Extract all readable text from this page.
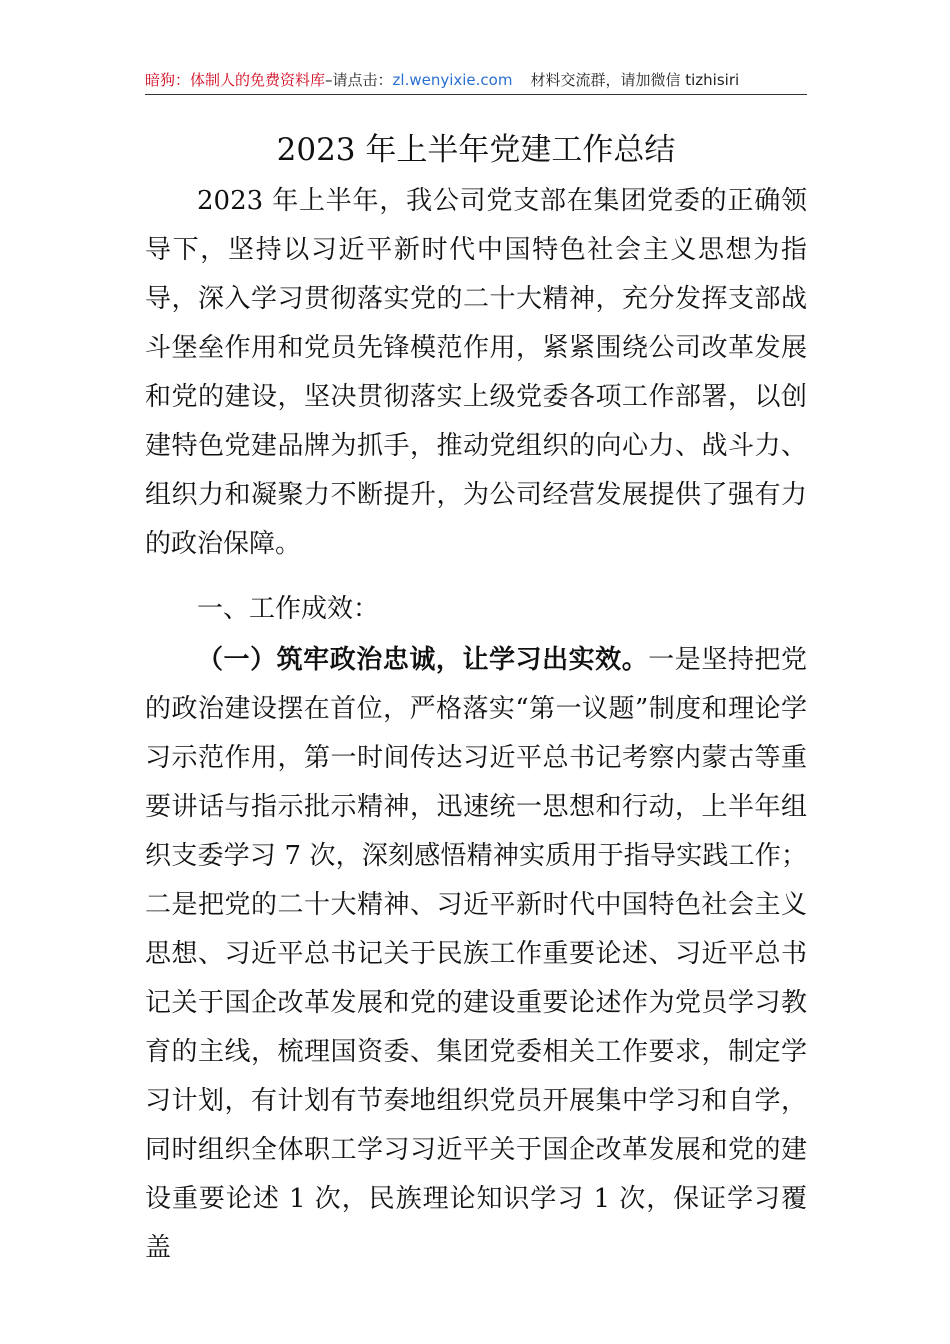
暗狗：体制人的免费资料库–请点击：zl.wenyixie.com 材料交流群，请加微信 tizhisiri
2023 年上半年党建工作总结

2023 年上半年，我公司党支部在集团党委的正确领导下，坚持以习近平新时代中国特色社会主义思想为指导，深入学习贯彻落实党的二十大精神，充分发挥支部战斗堡垒作用和党员先锋模范作用，紧紧围绕公司改革发展和党的建设，坚决贯彻落实上级党委各项工作部署，以创建特色党建品牌为抓手，推动党组织的向心力、战斗力、组织力和凝聚力不断提升，为公司经营发展提供了强有力的政治保障。

一、工作成效：

（一）筑牢政治忠诚，让学习出实效。一是坚持把党的政治建设摆在首位，严格落实“第一议题”制度和理论学习示范作用，第一时间传达习近平总书记考察内蒙古等重要讲话与指示批示精神，迅速统一思想和行动，上半年组织支委学习 7 次，深刻感悟精神实质用于指导实践工作；二是把党的二十大精神、习近平新时代中国特色社会主义思想、习近平总书记关于民族工作重要论述、习近平总书记关于国企改革发展和党的建设重要论述作为党员学习教育的主线，梳理国资委、集团党委相关工作要求，制定学习计划，有计划有节奏地组织党员开展集中学习和自学，同时组织全体职工学习习近平关于国企改革发展和党的建设重要论述 1 次，民族理论知识学习 1 次，保证学习覆盖
